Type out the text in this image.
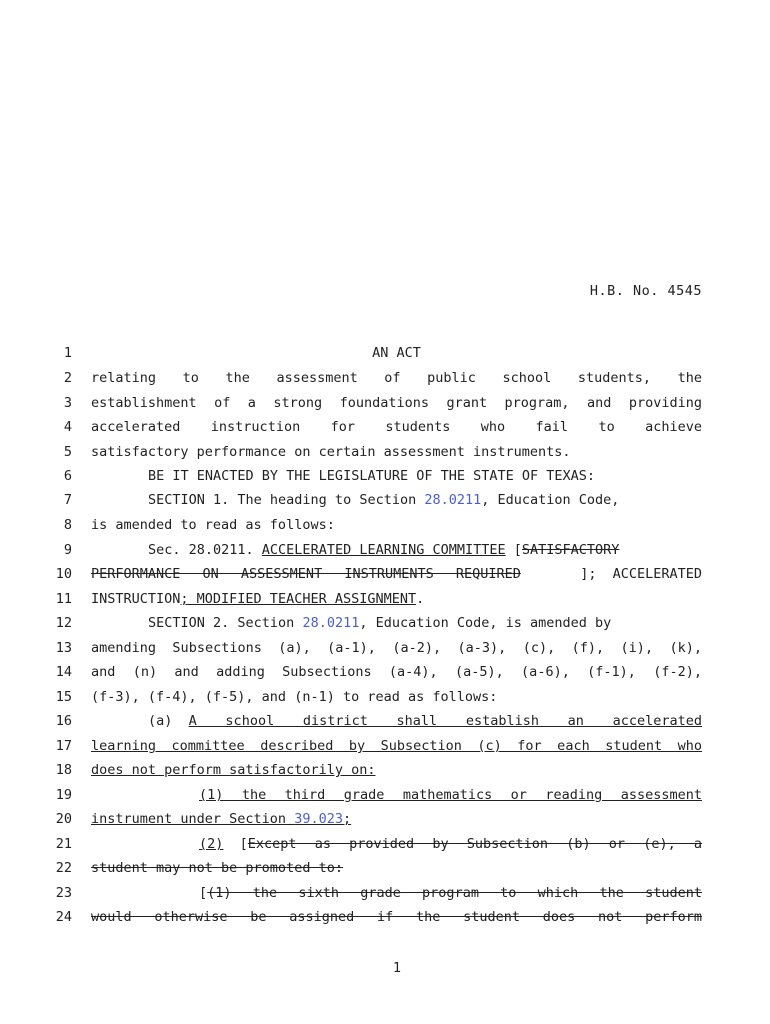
H.B. No. 4545
1	AN ACT
2 relating to the assessment of public school students, the
3 establishment of a strong foundations grant program, and providing
4 accelerated instruction for students who fail to achieve
5 satisfactory performance on certain assessment instruments.
6	BE IT ENACTED BY THE LEGISLATURE OF THE STATE OF TEXAS:
7	SECTION 1. The heading to Section 28.0211, Education Code,
8 is amended to read as follows:
9	Sec. 28.0211. ACCELERATED LEARNING COMMITTEE [SATISFACTORY
10 PERFORMANCE ON ASSESSMENT INSTRUMENTS REQUIRED	]; ACCELERATED
11 INSTRUCTION; MODIFIED TEACHER ASSIGNMENT.
12	SECTION 2. Section 28.0211, Education Code, is amended by
13 amending Subsections (a), (a-1), (a-2), (a-3), (c), (f), (i), (k),
14 and (n) and adding Subsections (a-4), (a-5), (a-6), (f-1), (f-2),
15 (f-3), (f-4), (f-5), and (n-1) to read as follows:
16	(a) A school district shall establish an accelerated
17 learning committee described by Subsection (c) for each student who
18 does not perform satisfactorily on:
19	(1) the third grade mathematics or reading assessment
20 instrument under Section 39.023;
21	(2) [ Except as provided by Subsection (b) or (e), a
22 student may not be promoted to:
23	[ (1) the sixth grade program to which the student
24 would otherwise be assigned if the student does not perform
1
